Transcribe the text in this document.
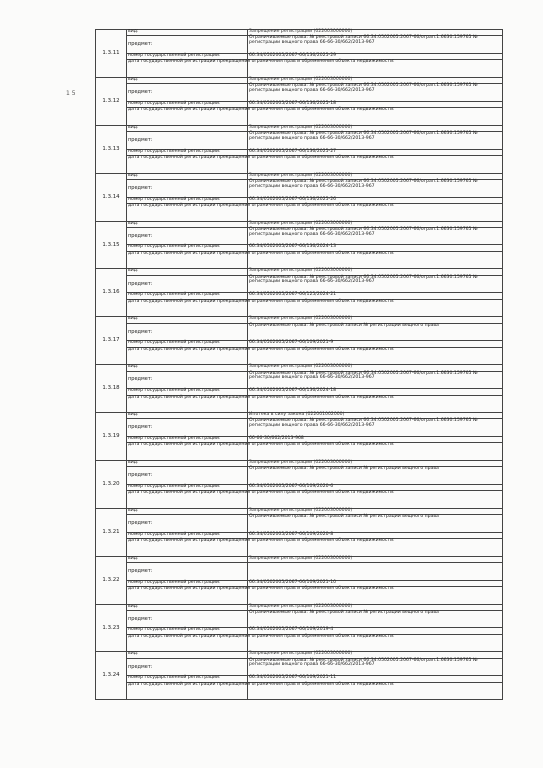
1 5
1.3.11	вид:	Запрещение регистрации (022003000000)
	предмет:	Ограничиваемые права: № реестровой записи 66:34:0502005:2067-66/ограп.1.6630:159765 № регистрации вещного права 66-66-30/662/2013-967
	номер государственной регистрации:	66:34/0502005/2067-66/136/2025-29
	дата государственной регистрации прекращения ограничения прав и обременения объекта недвижимости:	
1.3.12	вид:	Запрещение регистрации (022003000000)
	предмет:	Ограничиваемые права: № реестровой записи 66:34:0502005:2067-66/ограп.1.6630:159765 № регистрации вещного права 66-66-30/662/2013-967
	номер государственной регистрации:	66:34/0502005/2067-66/136/2025-18
	дата государственной регистрации прекращения ограничения прав и обременения объекта недвижимости:	
1.3.13	вид:	Запрещение регистрации (022003000000)
	предмет:	Ограничиваемые права: № реестровой записи 66:34:0502005:2067-66/ограп.1.6630:159765 № регистрации вещного права 66-66-30/662/2013-967
	номер государственной регистрации:	66:34/0502005/2067-66/136/2025-27
	дата государственной регистрации прекращения ограничения прав и обременения объекта недвижимости:	
1.3.14	вид:	Запрещение регистрации (022003000000)
	предмет:	Ограничиваемые права: № реестровой записи 66:34:0502005:2067-66/ограп.1.6630:159765 № регистрации вещного права 66-66-30/662/2013-967
	номер государственной регистрации:	66:34/0502005/2067-66/136/2025-26
	дата государственной регистрации прекращения ограничения прав и обременения объекта недвижимости:	
1.3.15	вид:	Запрещение регистрации (022003000000)
	предмет:	Ограничиваемые права: № реестровой записи 66:34:0502005:2067-66/ограп.1.6630:159765 № регистрации вещного права 66-66-30/662/2013-967
	номер государственной регистрации:	66:34/0502005/2067-66/136/2024-13
	дата государственной регистрации прекращения ограничения прав и обременения объекта недвижимости:	
1.3.16	вид:	Запрещение регистрации (022003000000)
	предмет:	Ограничиваемые права: № реестровой записи 66:34:0502005:2067-66/ограп.1.6630:159765 № регистрации вещного права 66-66-30/662/2013-967
	номер государственной регистрации:	66:34/0502005/2067-66/125/2024-21
	дата государственной регистрации прекращения ограничения прав и обременения объекта недвижимости:	
1.3.17	вид:	Запрещение регистрации (022003000000)
	предмет:	Ограничиваемые права: № реестровой записи № регистрации вещного права
	номер государственной регистрации:	66:34/0502005/2067-66/109/2021-9
	дата государственной регистрации прекращения ограничения прав и обременения объекта недвижимости:	
1.3.18	вид:	Запрещение регистрации (022003000000)
	предмет:	Ограничиваемые права: № реестровой записи 66:34:0502005:2067-66/ограп.1.6630:159765 № регистрации вещного права 66-66-30/662/2013-967
	номер государственной регистрации:	66:34/0502005/2067-66/136/2024-18
	дата государственной регистрации прекращения ограничения прав и обременения объекта недвижимости:	
1.3.19	вид:	Ипотека в силу закона (022001002000)
	предмет:	Ограничиваемые права: № реестровой записи 66:34:0502005:2067-66/ограп.1.6630:159765 № регистрации вещного права 66-66-30/662/2013-967
	номер государственной регистрации:	66-66-30/662/2013-968
	дата государственной регистрации прекращения ограничения прав и обременения объекта недвижимости:	
1.3.20	вид:	Запрещение регистрации (022003000000)
	предмет:	Ограничиваемые права: № реестровой записи № регистрации вещного права
	номер государственной регистрации:	66:34/0502005/2067-66/109/2020-6
	дата государственной регистрации прекращения ограничения прав и обременения объекта недвижимости:	
1.3.21	вид:	Запрещение регистрации (022003000000)
	предмет:	Ограничиваемые права: № реестровой записи № регистрации вещного права
	номер государственной регистрации:	66:34/0502005/2067-66/109/2020-8
	дата государственной регистрации прекращения ограничения прав и обременения объекта недвижимости:	
1.3.22	вид:	Запрещение регистрации (022003000000)
	предмет:	
	номер государственной регистрации:	66:34/0502005/2067-66/109/2021-10
	дата государственной регистрации прекращения ограничения прав и обременения объекта недвижимости:	
1.3.23	вид:	Запрещение регистрации (022003000000)
	предмет:	Ограничиваемые права: № реестровой записи № регистрации вещного права
	номер государственной регистрации:	66:34/0502005/2067-66/109/2019-4
	дата государственной регистрации прекращения ограничения прав и обременения объекта недвижимости:	
1.3.24	вид:	Запрещение регистрации (022003000000)
	предмет:	Ограничиваемые права: № реестровой записи 66:34:0502005:2067-66/ограп.1.6630:159765 № регистрации вещного права 66-66-30/662/2013-967
	номер государственной регистрации:	66:34/0502005/2067-66/109/2021-11
	дата государственной регистрации прекращения ограничения прав и обременения объекта недвижимости:	
